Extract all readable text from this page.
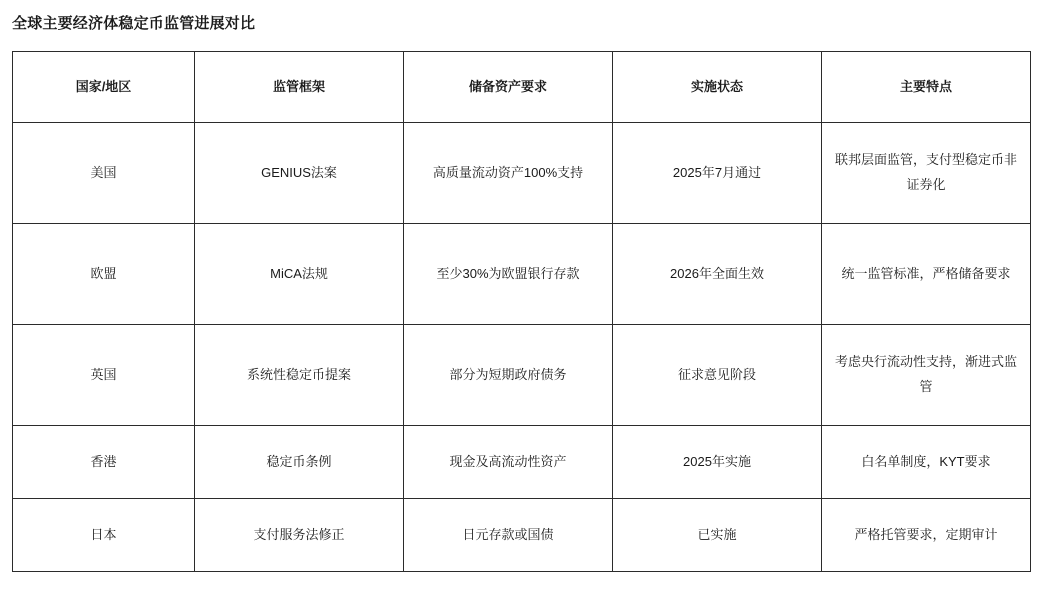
全球主要经济体稳定币监管进展对比
国家/地区	监管框架	储备资产要求	实施状态	主要特点
美国	GENIUS法案	高质量流动资产100%支持	2025年7月通过	联邦层面监管，支付型稳定币非证券化
欧盟	MiCA法规	至少30%为欧盟银行存款	2026年全面生效	统一监管标准，严格储备要求
英国	系统性稳定币提案	部分为短期政府债务	征求意见阶段	考虑央行流动性支持，渐进式监管
香港	稳定币条例	现金及高流动性资产	2025年实施	白名单制度，KYT要求
日本	支付服务法修正	日元存款或国债	已实施	严格托管要求，定期审计
